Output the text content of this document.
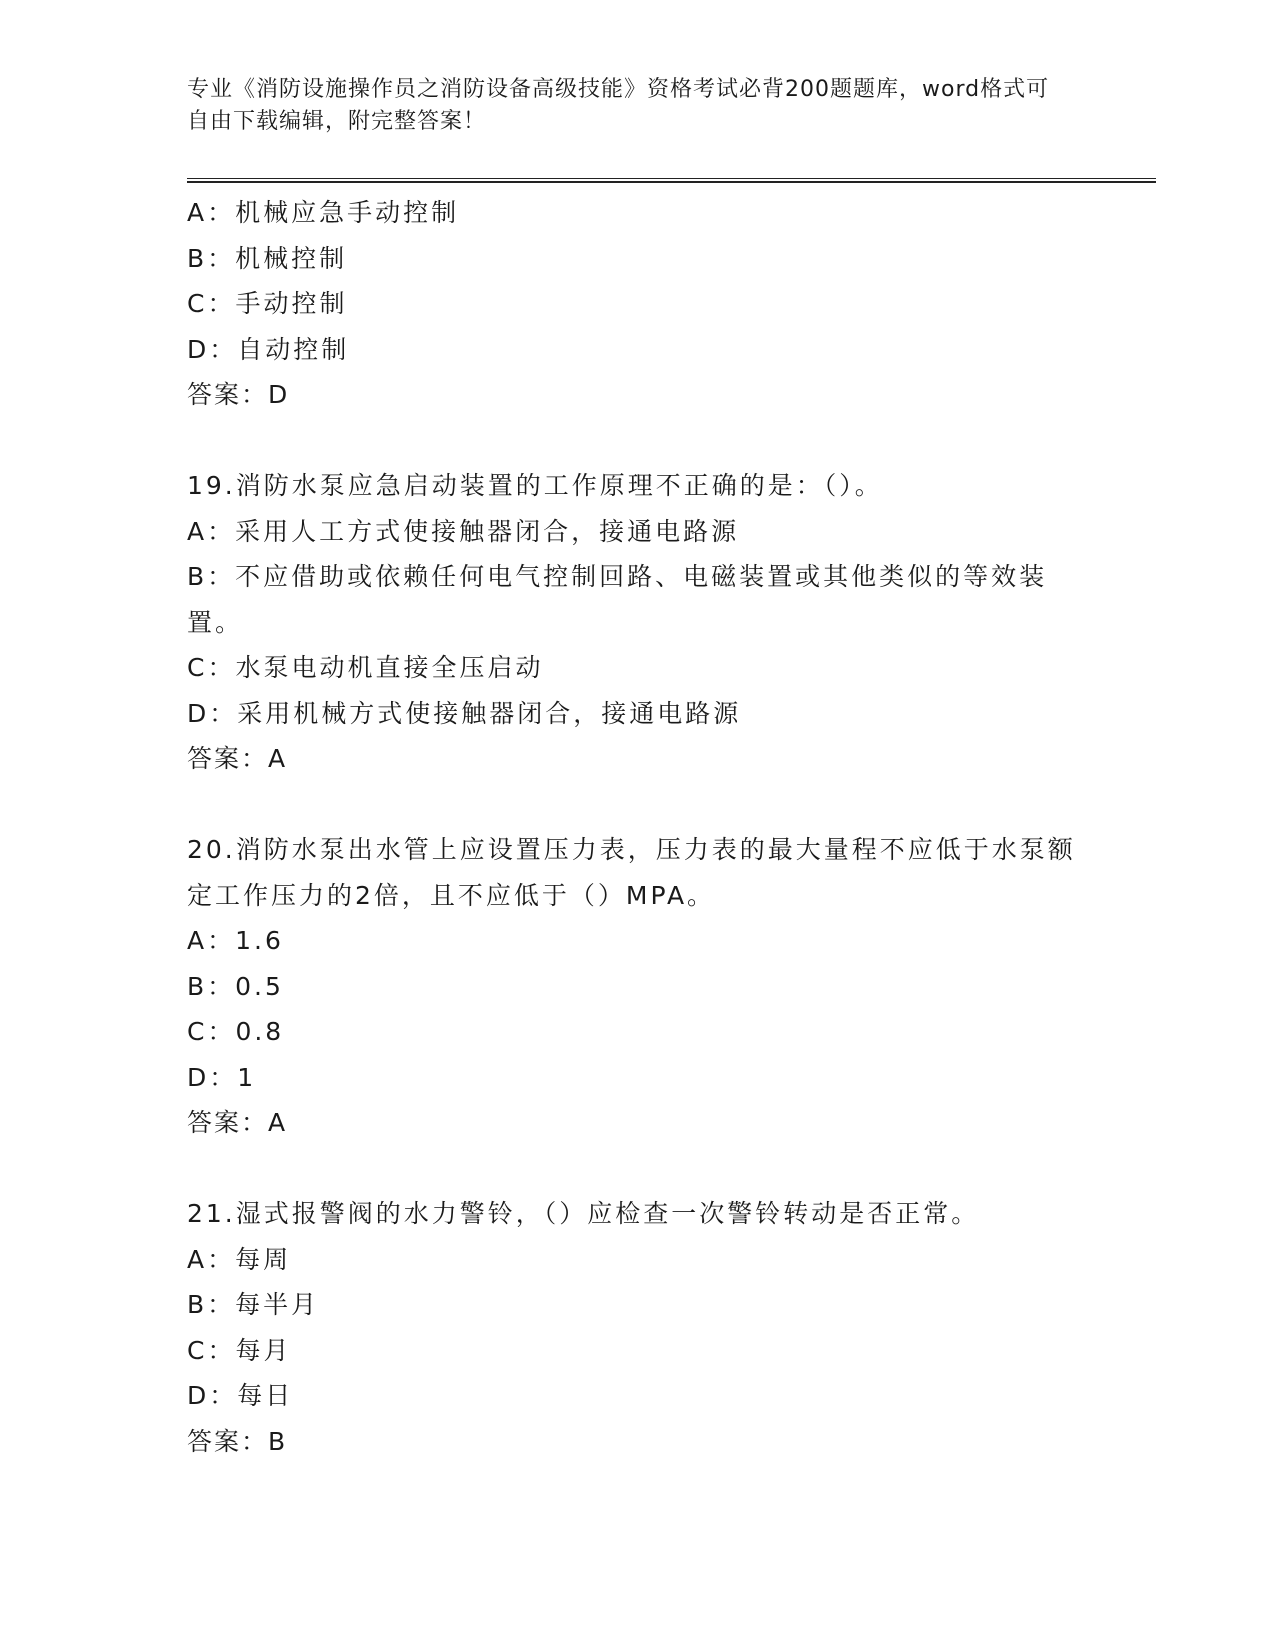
专业《消防设施操作员之消防设备高级技能》资格考试必背200题题库，word格式可自由下载编辑，附完整答案！
A：机械应急手动控制
B：机械控制
C：手动控制
D：自动控制
答案：D
19.消防水泵应急启动装置的工作原理不正确的是：（）。
A：采用人工方式使接触器闭合，接通电路源
B：不应借助或依赖任何电气控制回路、电磁装置或其他类似的等效装置。
C：水泵电动机直接全压启动
D：采用机械方式使接触器闭合，接通电路源
答案：A
20.消防水泵出水管上应设置压力表，压力表的最大量程不应低于水泵额定工作压力的2倍，且不应低于（）MPA。
A：1.6
B：0.5
C：0.8
D：1
答案：A
21.湿式报警阀的水力警铃，（）应检查一次警铃转动是否正常。
A：每周
B：每半月
C：每月
D：每日
答案：B
